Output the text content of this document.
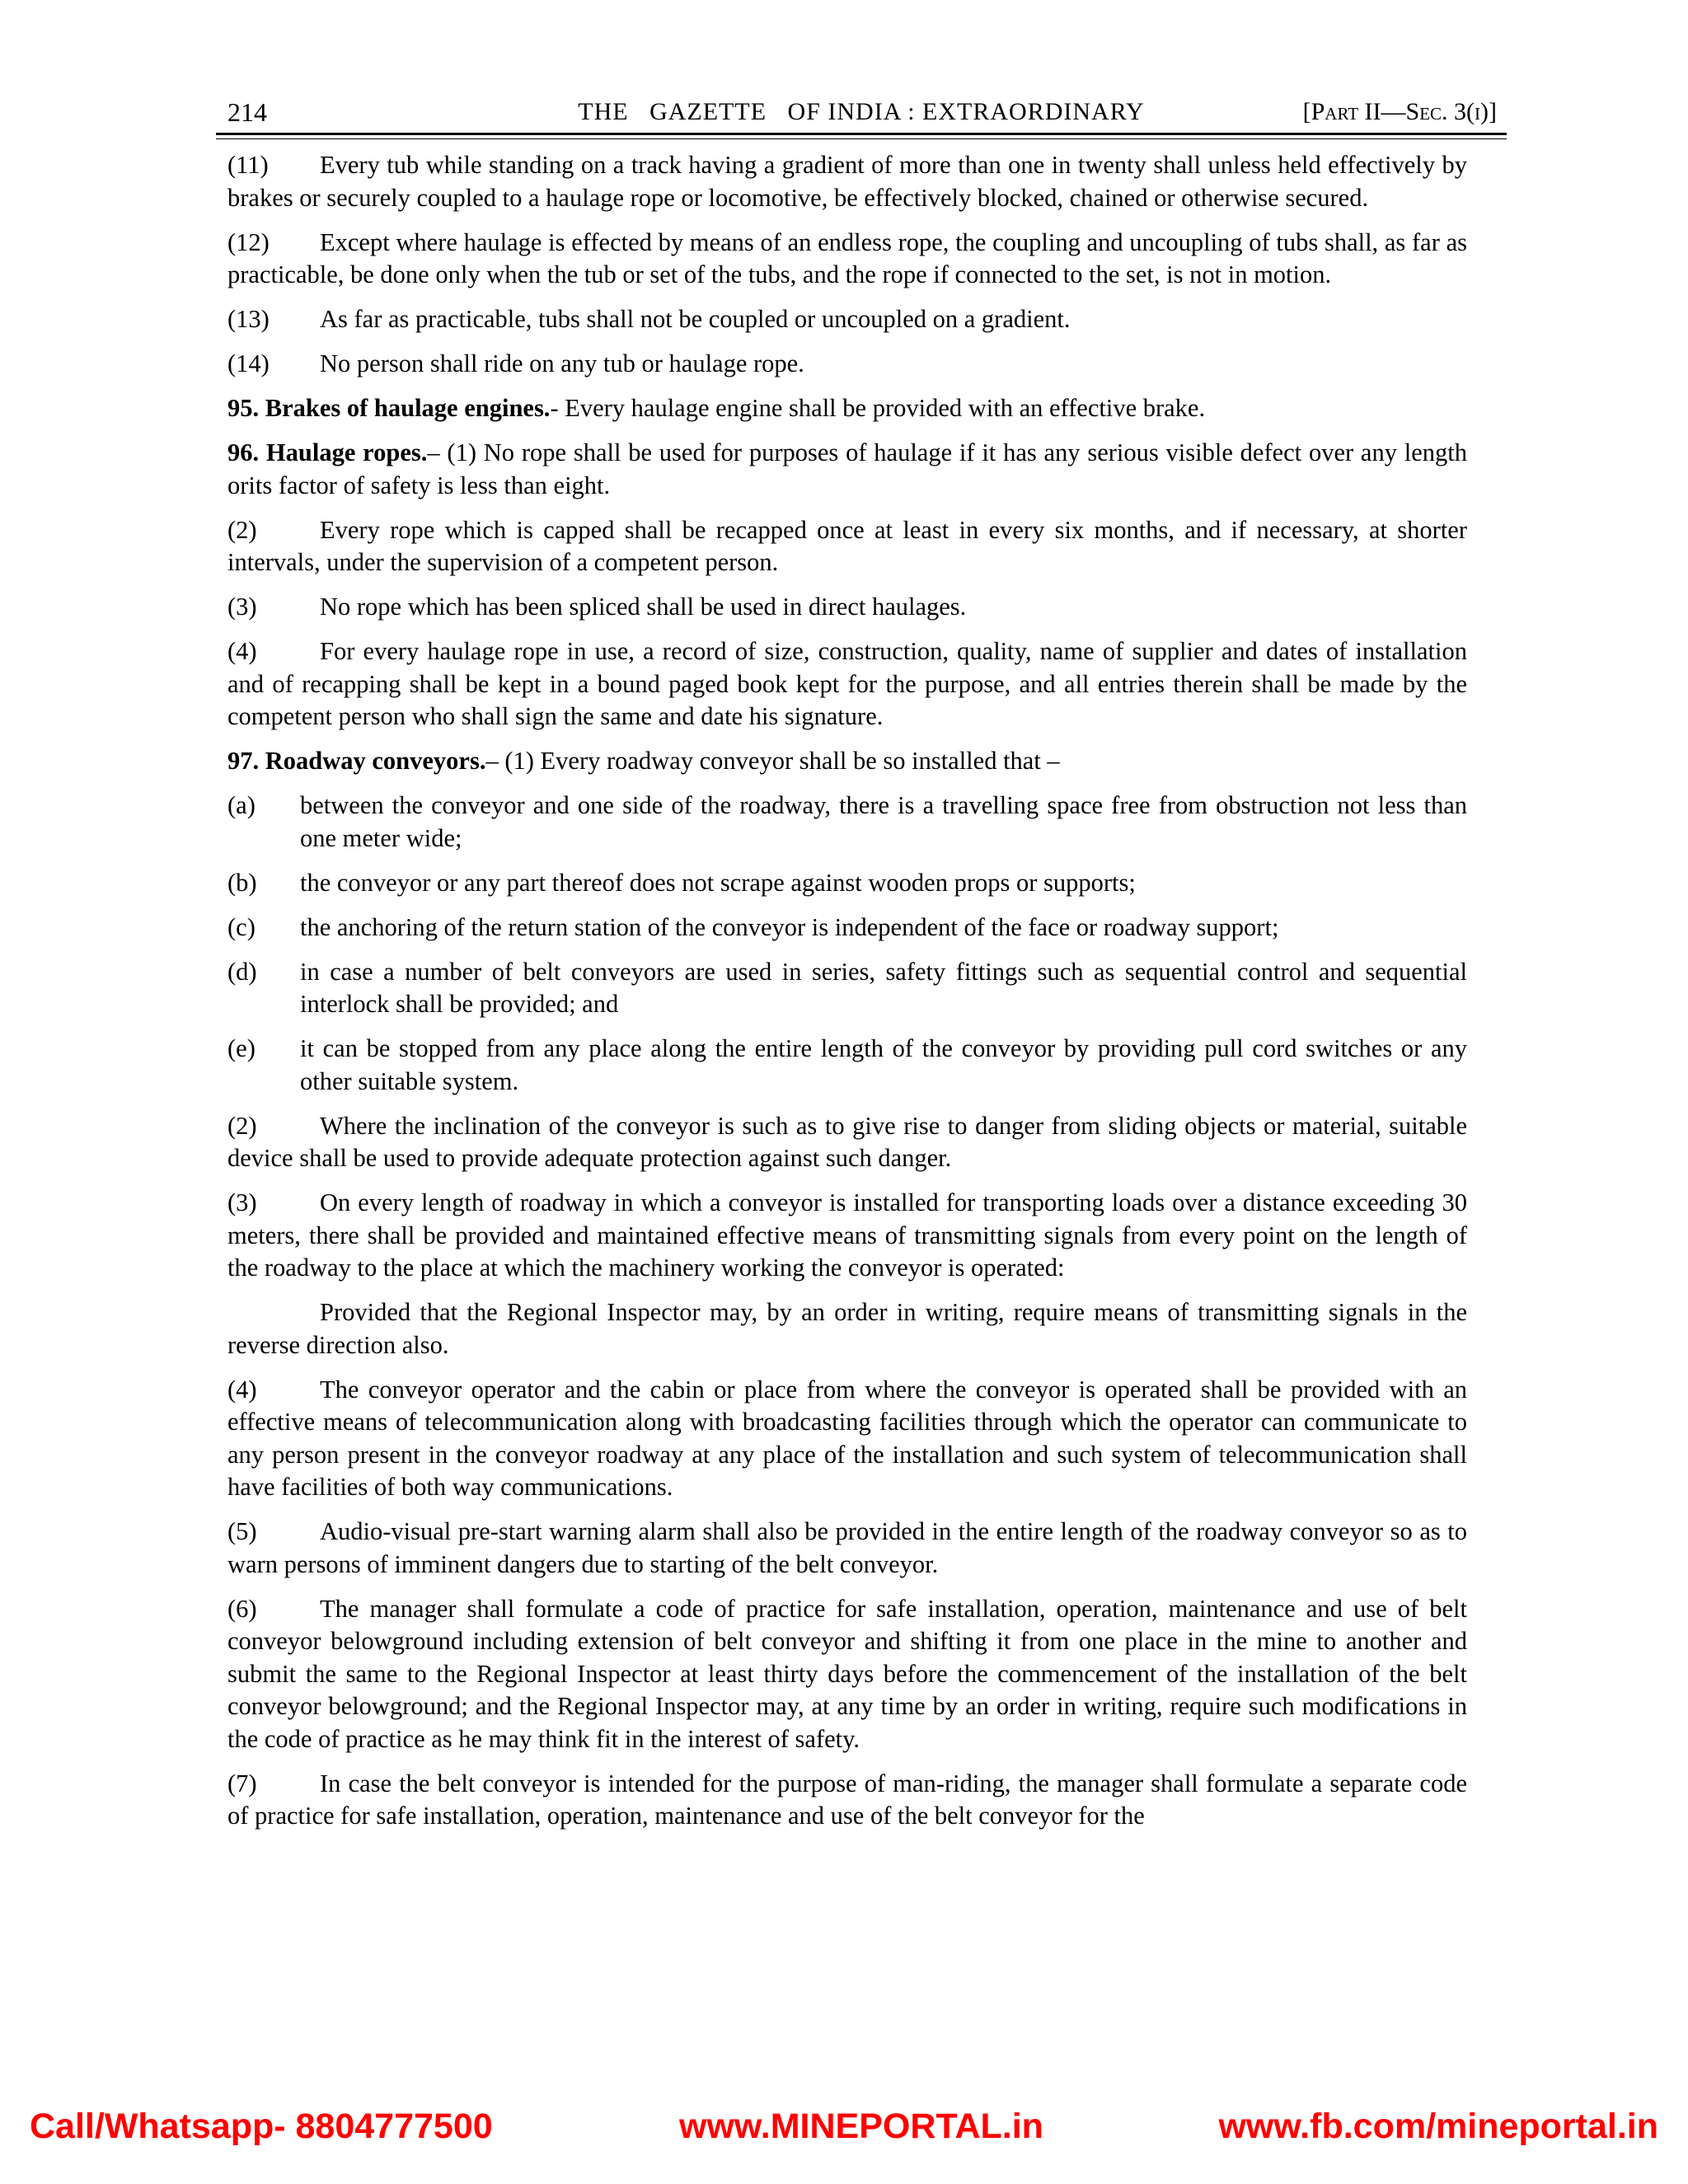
214	THE   GAZETTE   OF INDIA : EXTRAORDINARY	[Part II—Sec. 3(i)]

(11) Every tub while standing on a track having a gradient of more than one in twenty shall unless held effectively by brakes or securely coupled to a haulage rope or locomotive, be effectively blocked, chained or otherwise secured.

(12) Except where haulage is effected by means of an endless rope, the coupling and uncoupling of tubs shall, as far as practicable, be done only when the tub or set of the tubs, and the rope if connected to the set, is not in motion.

(13) As far as practicable, tubs shall not be coupled or uncoupled on a gradient.

(14) No person shall ride on any tub or haulage rope.

95. Brakes of haulage engines.- Every haulage engine shall be provided with an effective brake.

96. Haulage ropes.– (1) No rope shall be used for purposes of haulage if it has any serious visible defect over any length orits factor of safety is less than eight.

(2)	Every rope which is capped shall be recapped once at least in every six months, and if necessary, at shorter intervals, under the supervision of a competent person.

(3)	No rope which has been spliced shall be used in direct haulages.

(4)	For every haulage rope in use, a record of size, construction, quality, name of supplier and dates of installation and of recapping shall be kept in a bound paged book kept for the purpose, and all entries therein shall be made by the competent person who shall sign the same and date his signature.

97. Roadway conveyors.– (1) Every roadway conveyor shall be so installed that –

(a) between the conveyor and one side of the roadway, there is a travelling space free from obstruction not less than one meter wide;
(b) the conveyor or any part thereof does not scrape against wooden props or supports;
(c) the anchoring of the return station of the conveyor is independent of the face or roadway support;
(d) in case a number of belt conveyors are used in series, safety fittings such as sequential control and sequential interlock shall be provided; and
(e) it can be stopped from any place along the entire length of the conveyor by providing pull cord switches or any other suitable system.

(2)	Where the inclination of the conveyor is such as to give rise to danger from sliding objects or material, suitable device shall be used to provide adequate protection against such danger.

(3)	On every length of roadway in which a conveyor is installed for transporting loads over a distance exceeding 30 meters, there shall be provided and maintained effective means of transmitting signals from every point on the length of the roadway to the place at which the machinery working the conveyor is operated:

Provided that the Regional Inspector may, by an order in writing, require means of transmitting signals in the reverse direction also.

(4)	The conveyor operator and the cabin or place from where the conveyor is operated shall be provided with an effective means of telecommunication along with broadcasting facilities through which the operator can communicate to any person present in the conveyor roadway at any place of the installation and such system of telecommunication shall have facilities of both way communications.

(5)	Audio-visual pre-start warning alarm shall also be provided in the entire length of the roadway conveyor so as to warn persons of imminent dangers due to starting of the belt conveyor.

(6)	The manager shall formulate a code of practice for safe installation, operation, maintenance and use of belt conveyor belowground including extension of belt conveyor and shifting it from one place in the mine to another and submit the same to the Regional Inspector at least thirty days before the commencement of the installation of the belt conveyor belowground; and the Regional Inspector may, at any time by an order in writing, require such modifications in the code of practice as he may think fit in the interest of safety.

(7)	In case the belt conveyor is intended for the purpose of man-riding, the manager shall formulate a separate code of practice for safe installation, operation, maintenance and use of the belt conveyor for the

Call/Whatsapp- 8804777500	www.MINEPORTAL.in	www.fb.com/mineportal.in
